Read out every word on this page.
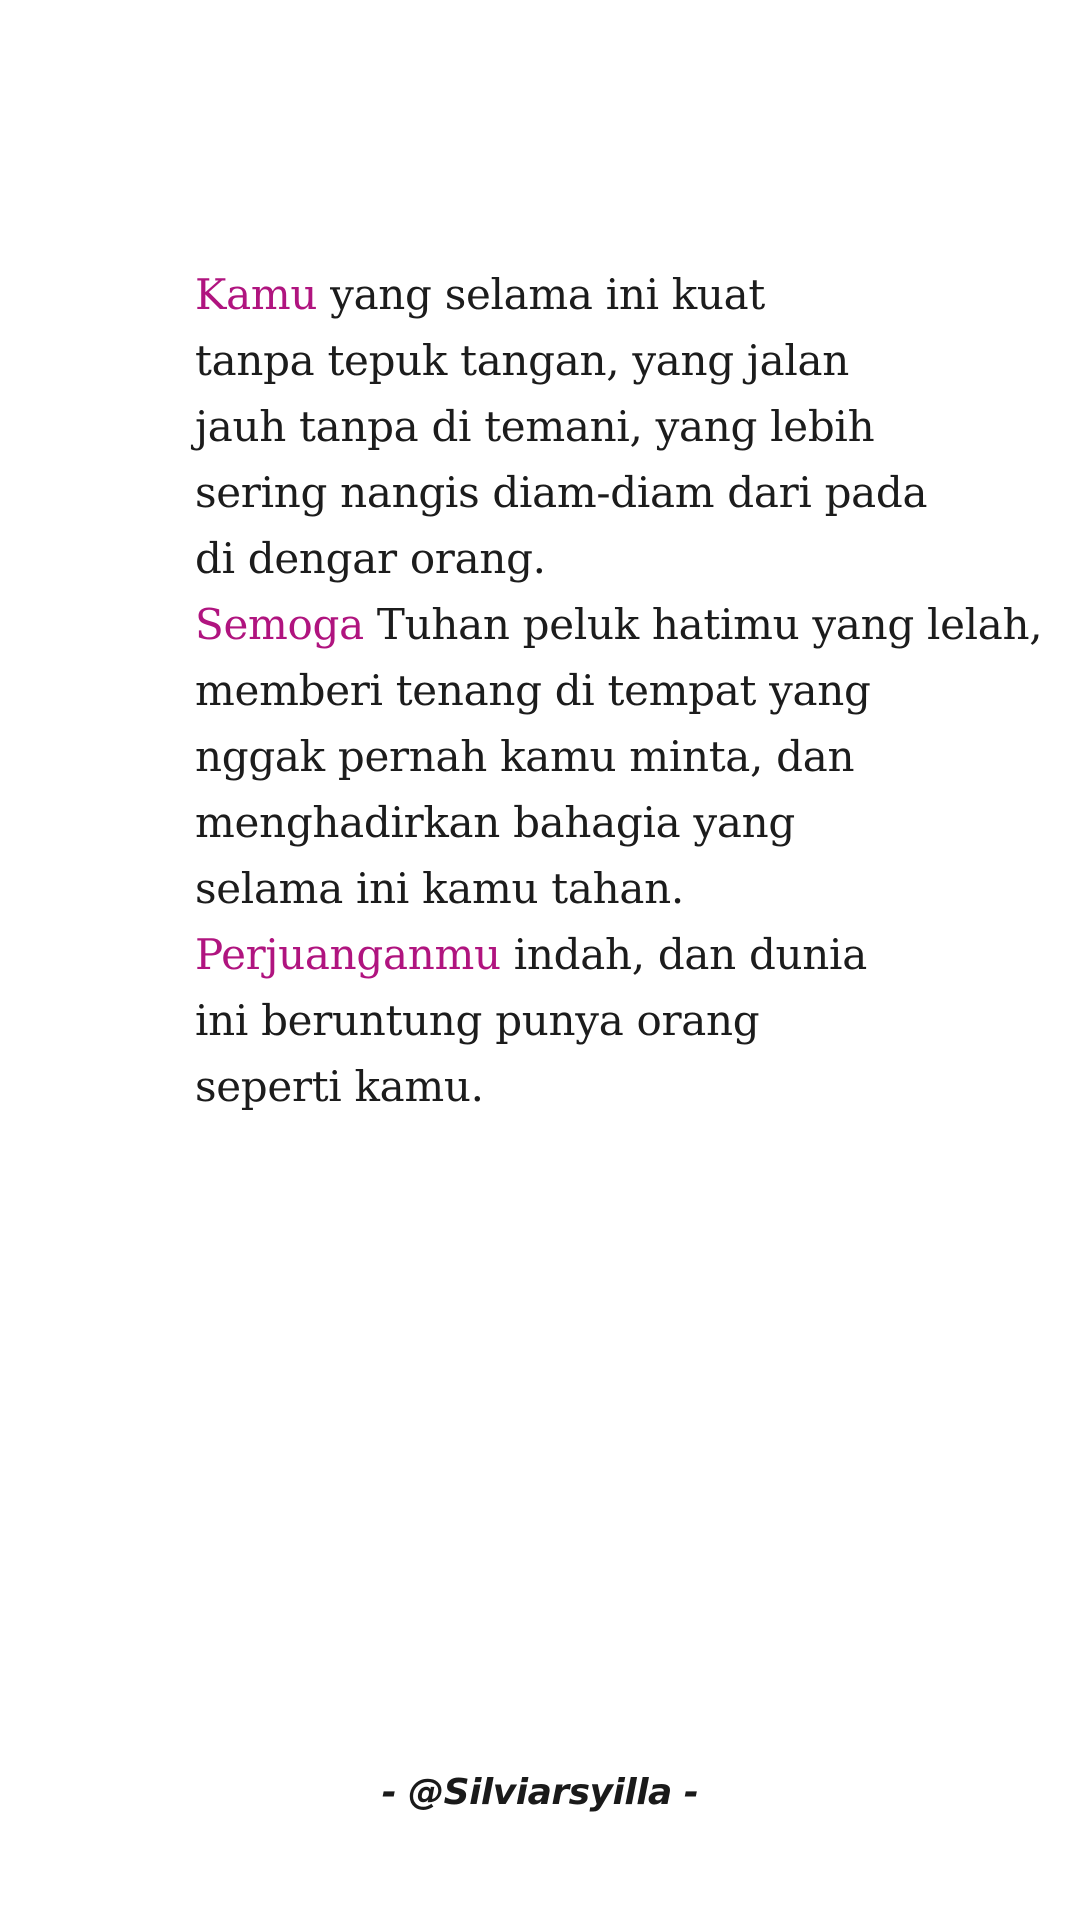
Kamu yang selama ini kuat
tanpa tepuk tangan, yang jalan
jauh tanpa di temani, yang lebih
sering nangis diam-diam dari pada
di dengar orang.
Semoga Tuhan peluk hatimu yang lelah,
memberi tenang di tempat yang
nggak pernah kamu minta, dan
menghadirkan bahagia yang
selama ini kamu tahan.
Perjuanganmu indah, dan dunia
ini beruntung punya orang
seperti kamu.
- @Silviarsyilla -
